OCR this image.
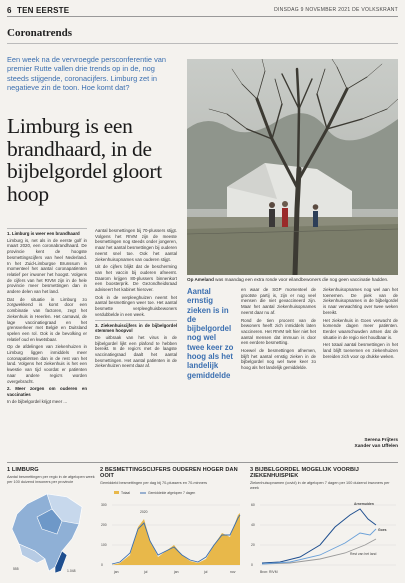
6 TEN EERSTE	DINSDAG 9 NOVEMBER 2021 DE VOLKSKRANT
Coronatrends
Een week na de vervroegde persconferentie van premier Rutte vallen drie trends op in de, nog steeds stijgende, coronacijfers. Limburg zet in negatieve zin de toon. Hoe komt dat?
Limburg is een brandhaard, in de bijbelgordel gloort hoop
1. Limburg is weer een brandhaard

Limburg is, net als in de eerste golf in maart 2020, een coronabrandhaard. De provincie kent de hoogste besmettingscijfers van heel Nederland. In het Zuid-Limburgse Brunssum is momenteel het aantal coronapatiënten relatief per inwoner het hoogst. Volgens de cijfers van het RIVM zijn in de hele provincie meer besmettingen dan in andere delen van het land.

Dat de situatie in Limburg zo zorgwekkend is komt door een combinatie van factoren, zegt het ziekenhuis in Heerlen. Het carnaval, de lage vaccinatiegraad en het grensverkeer met België en Duitsland spelen een rol. Ook is de bevolking er relatief oud en kwetsbaar.

Op de afdelingen van ziekenhuizen in Limburg liggen inmiddels meer coronapatiënten dan in de rest van het land. Volgens het ziekenhuis is het een kwestie van tijd voordat er patiënten naar andere regio's worden overgebracht.

2. Meer zorgen om ouderen en vaccinaties

In de bijbelgordel krijgt meer ...

Aantal besmettingen bij 70-plussers stijgt. Volgens het RIVM zijn de meeste besmettingen nog steeds onder jongeren, maar het aantal besmettingen bij ouderen neemt snel toe. Ook het aantal ziekenhuisopnames van ouderen stijgt.

Uit de cijfers blijkt dat de bescherming van het vaccin bij ouderen afneemt. Daarom krijgen 80-plussers binnenkort een boosterprik. De Gezondheidsraad adviseert het kabinet hierover.

Ook in de verpleeghuizen neemt het aantal besmettingen weer toe. Het aantal besmette verpleeghuisbewoners verdubbelde in een week.

3. Ziekenhuiscijfers in de bijbelgordel stemmen hoopvol

De uitbraak van het virus in de bijbelgordel lijkt een plafond te hebben bereikt. In de regio's met de laagste vaccinatiegraad daalt het aantal besmettingen. Het aantal patiënten in de ziekenhuizen neemt daar af.

Op Ameland was maandag een extra ronde voor eilandbewoners die nog geen vaccinatie hadden.
Aantal ernstig zieken is in de bijbelgordel nog wel twee keer zo hoog als het landelijk gemiddelde

en waar de SGP momenteel de grootste partij is, zijn er nog veel mensen die niet gevaccineerd zijn. Maar het aantal ziekenhuisopnames neemt daar nu af.

Rond de tien procent van de bewoners heeft zich inmiddels laten vaccineren. Het RIVM telt hier niet het aantal mensen dat immuun is door een eerdere besmetting.

Hoewel de besmettingen afnemen, blijft het aantal ernstig zieken in de bijbelgordel nog wel twee keer zo hoog als het landelijk gemiddelde.

ziekenhuisopnames nog wel aan het toenemen. De piek van de ziekenhuisopnames in de bijbelgordel is naar verwachting over twee weken bereikt.

Het ziekenhuis in Goes verwacht de komende dagen meer patiënten. Eerder waarschuwden artsen dat de situatie in de regio niet houdbaar is.

Het totaal aantal besmettingen in het land blijft toenemen en ziekenhuizen bereiden zich voor op drukke weken.

Serena Frijters
Xander van Uffelen
1 LIMBURG
Aantal besmettingen per regio in de afgelopen week per 100 duizend inwoners per provincie
555	1.048
2 BESMETTINGSCIJFERS OUDEREN HOGER DAN OOIT
Gemiddeld besmettingen per dag bij 70-plussers en 70-minners
Totaal	Gemiddelde afgelopen 7 dagen
0
100
200
300
2020
jan	jul	jan	jul	nov
3 BIJBELGORDEL MOGELIJK VOORBIJ ZIEKENHUISPIEK
Ziekenhuisopnamen (covid) in de afgelopen 7 dagen per 100 duizend inwoners per week
0
20
40
60	Arnemuiden
Rest van het land
Goes
Bron: RIVM
